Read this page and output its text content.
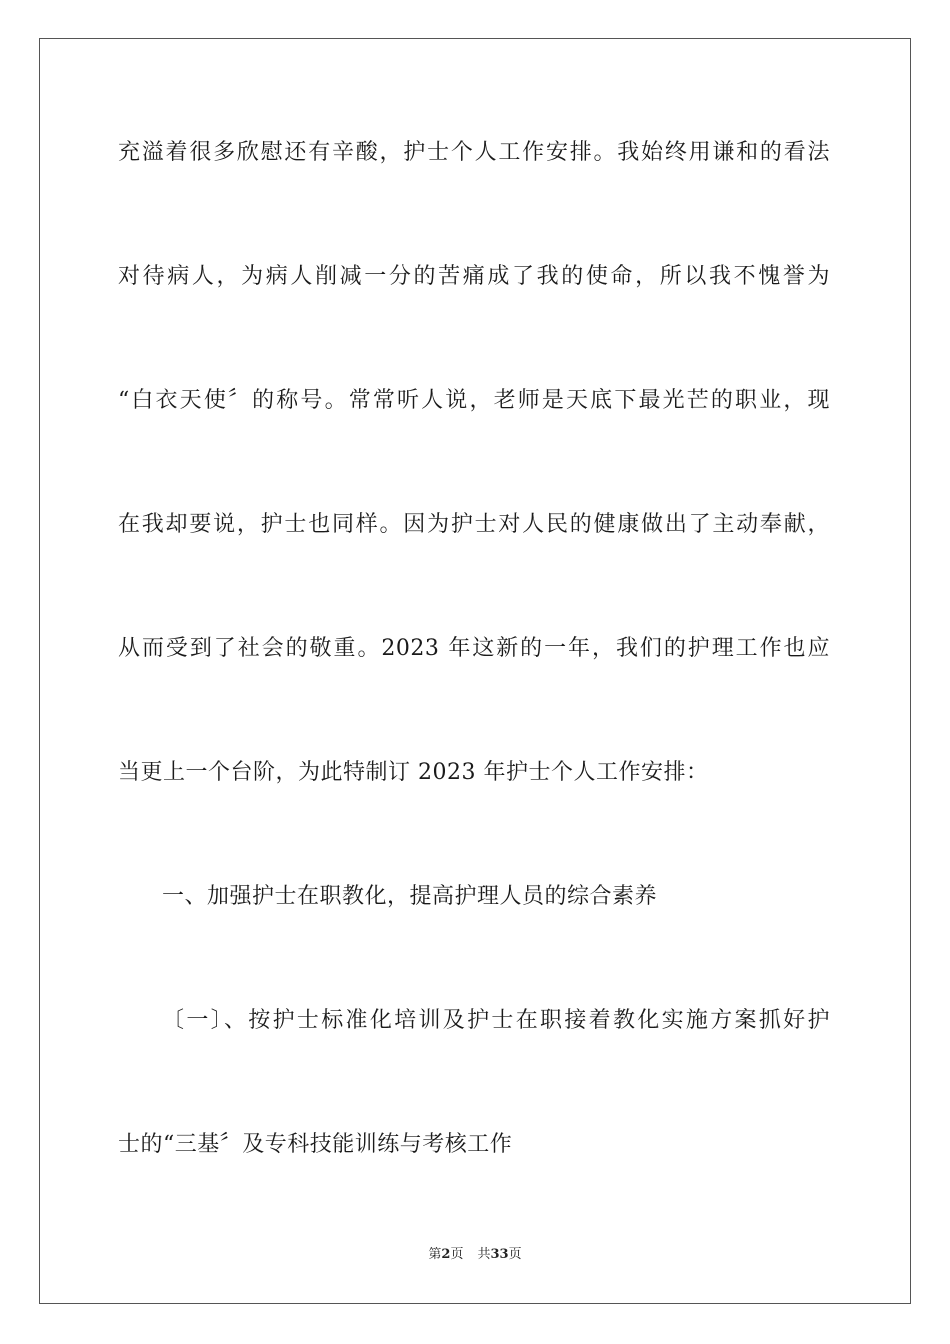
充溢着很多欣慰还有辛酸，护士个人工作安排。我始终用谦和的看法
对待病人，为病人削减一分的苦痛成了我的使命，所以我不愧誉为
“白衣天使〞的称号。常常听人说，老师是天底下最光芒的职业，现
在我却要说，护士也同样。因为护士对人民的健康做出了主动奉献，
从而受到了社会的敬重。2023 年这新的一年，我们的护理工作也应
当更上一个台阶，为此特制订 2023 年护士个人工作安排：
一、加强护士在职教化，提高护理人员的综合素养
〔一〕、按护士标准化培训及护士在职接着教化实施方案抓好护
士的“三基〞及专科技能训练与考核工作
第2页 共33页
